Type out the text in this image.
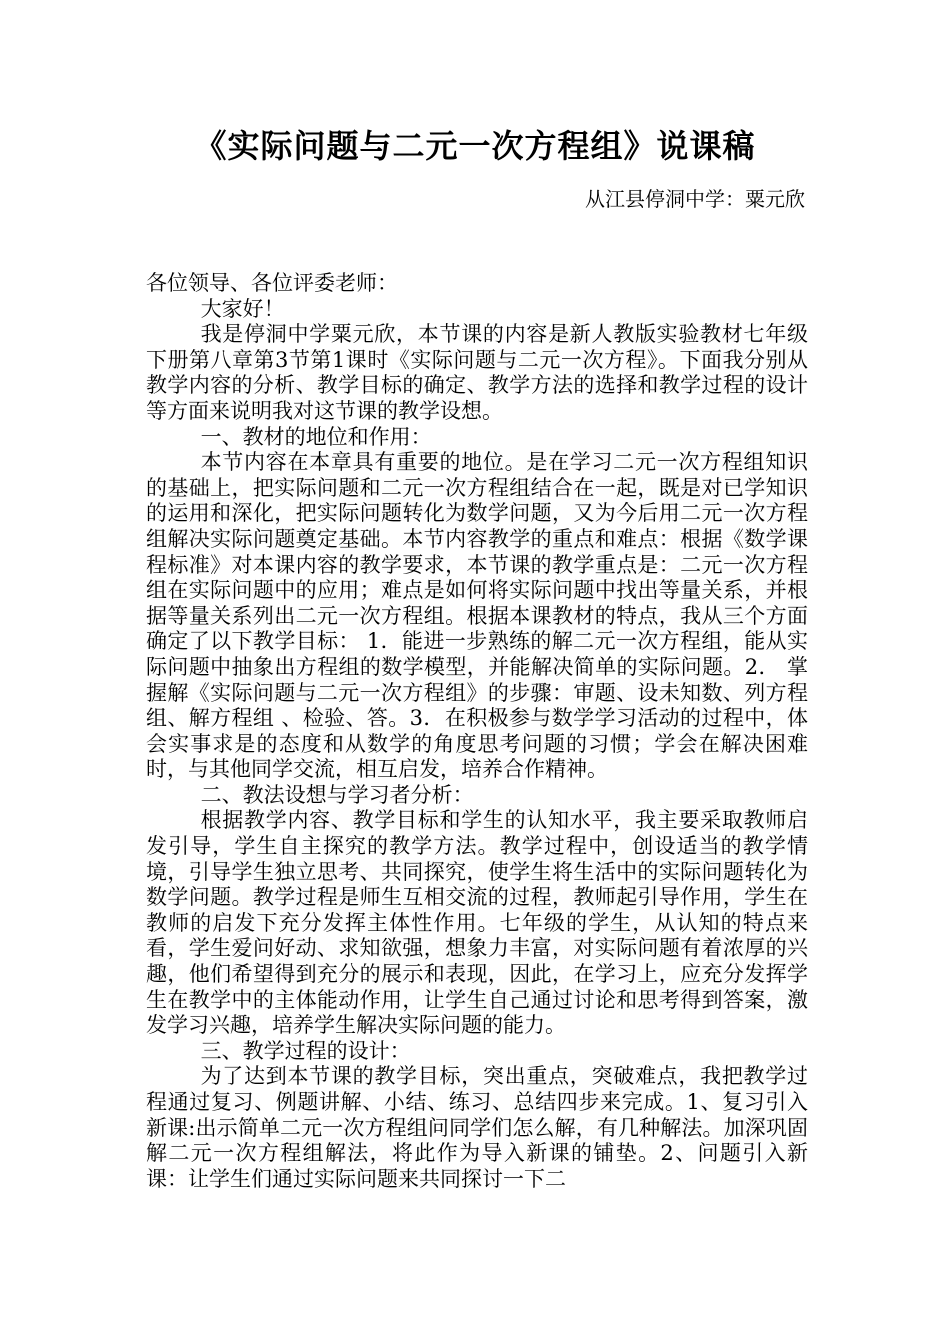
《实际问题与二元一次方程组》说课稿
从江县停洞中学：粟元欣

各位领导、各位评委老师：

大家好！

我是停洞中学粟元欣，本节课的内容是新人教版实验教材七年级下册第八章第3节第1课时《实际问题与二元一次方程》。下面我分别从教学内容的分析、教学目标的确定、教学方法的选择和教学过程的设计等方面来说明我对这节课的教学设想。

一、教材的地位和作用：

本节内容在本章具有重要的地位。是在学习二元一次方程组知识的基础上，把实际问题和二元一次方程组结合在一起，既是对已学知识的运用和深化，把实际问题转化为数学问题，又为今后用二元一次方程组解决实际问题奠定基础。本节内容教学的重点和难点：根据《数学课程标准》对本课内容的教学要求，本节课的教学重点是：二元一次方程组在实际问题中的应用；难点是如何将实际问题中找出等量关系，并根据等量关系列出二元一次方程组。根据本课教材的特点，我从三个方面确定了以下教学目标： 1．能进一步熟练的解二元一次方程组，能从实际问题中抽象出方程组的数学模型，并能解决简单的实际问题。2． 掌握解《实际问题与二元一次方程组》的步骤：审题、设未知数、列方程组、解方程组 、检验、答。3．在积极参与数学学习活动的过程中，体会实事求是的态度和从数学的角度思考问题的习惯；学会在解决困难时，与其他同学交流，相互启发，培养合作精神。

二、教法设想与学习者分析：

根据教学内容、教学目标和学生的认知水平，我主要采取教师启发引导，学生自主探究的教学方法。教学过程中，创设适当的教学情境，引导学生独立思考、共同探究，使学生将生活中的实际问题转化为数学问题。教学过程是师生互相交流的过程，教师起引导作用，学生在教师的启发下充分发挥主体性作用。七年级的学生，从认知的特点来看，学生爱问好动、求知欲强，想象力丰富，对实际问题有着浓厚的兴趣，他们希望得到充分的展示和表现，因此，在学习上，应充分发挥学生在教学中的主体能动作用，让学生自己通过讨论和思考得到答案，激发学习兴趣，培养学生解决实际问题的能力。

三、教学过程的设计：

为了达到本节课的教学目标，突出重点，突破难点，我把教学过程通过复习、例题讲解、小结、练习、总结四步来完成。1、复习引入新课:出示简单二元一次方程组问同学们怎么解，有几种解法。加深巩固解二元一次方程组解法，将此作为导入新课的铺垫。2、问题引入新课：让学生们通过实际问题来共同探讨一下二
